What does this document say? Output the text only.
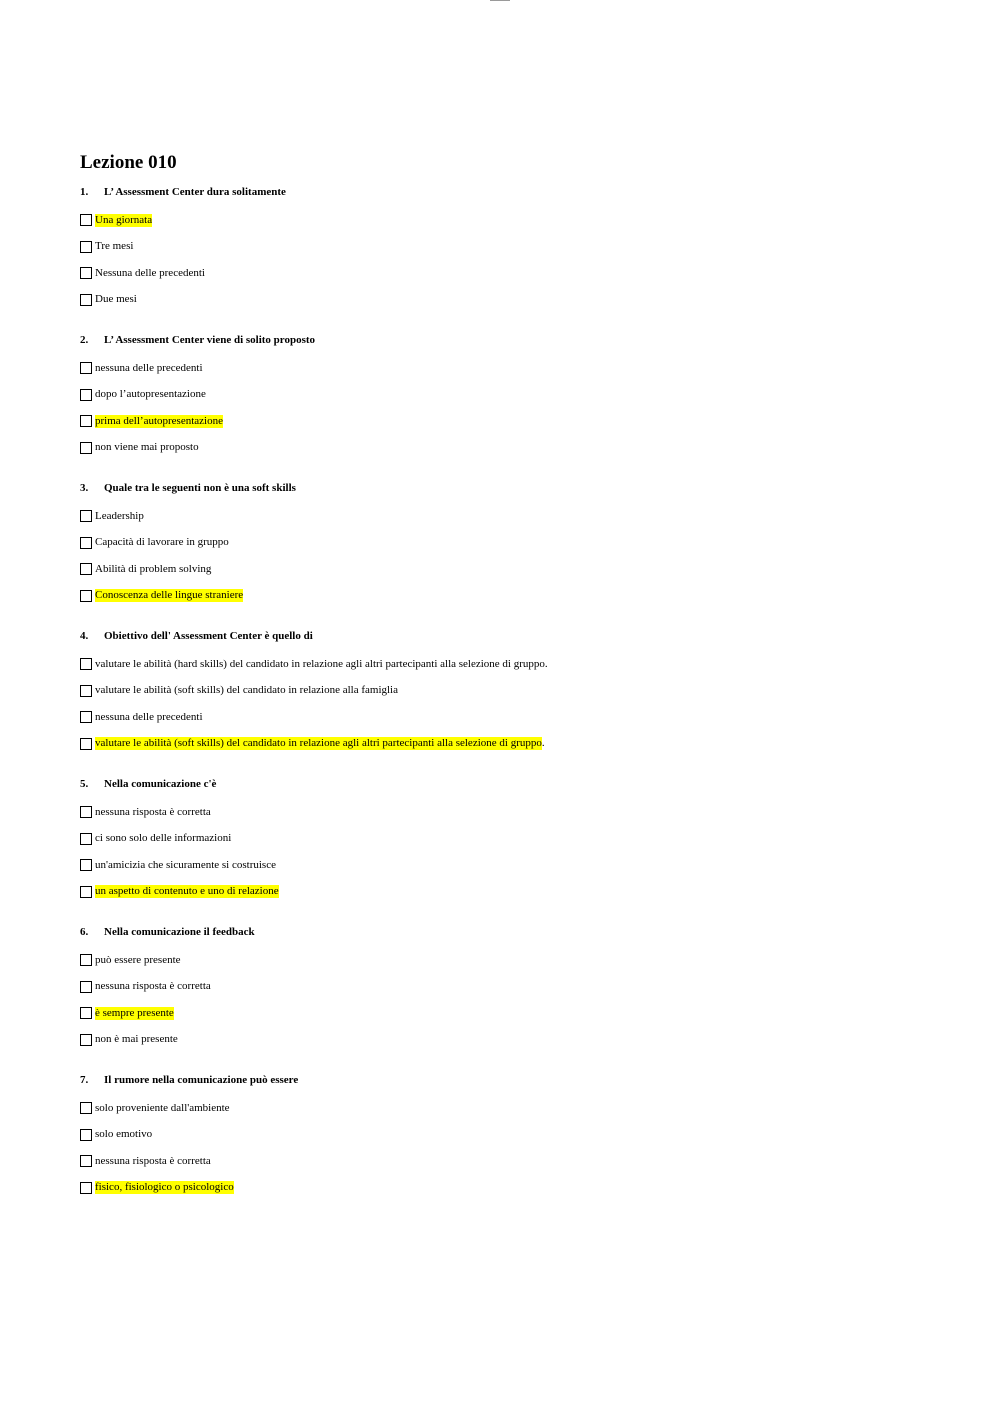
Lezione 010
1. L’ Assessment Center dura solitamente
Una giornata
Tre mesi
Nessuna delle precedenti
Due mesi
2. L’ Assessment Center viene di solito proposto
nessuna delle precedenti
dopo l’autopresentazione
prima dell’autopresentazione
non viene mai proposto
3. Quale tra le seguenti non è una soft skills
Leadership
Capacità di lavorare in gruppo
Abilità di problem solving
Conoscenza delle lingue straniere
4. Obiettivo dell' Assessment Center è quello di
valutare le abilità (hard skills) del candidato in relazione agli altri partecipanti alla selezione di gruppo.
valutare le abilità (soft skills) del candidato in relazione alla famiglia
nessuna delle precedenti
valutare le abilità (soft skills) del candidato in relazione agli altri partecipanti alla selezione di gruppo .
5. Nella comunicazione c'è
nessuna risposta è corretta
ci sono solo delle informazioni
un'amicizia che sicuramente si costruisce
un aspetto di contenuto e uno di relazione
6. Nella comunicazione il feedback
può essere presente
nessuna risposta è corretta
è sempre presente
non è mai presente
7. Il rumore nella comunicazione può essere
solo proveniente dall'ambiente
solo emotivo
nessuna risposta è corretta
fisico, fisiologico o psicologico
